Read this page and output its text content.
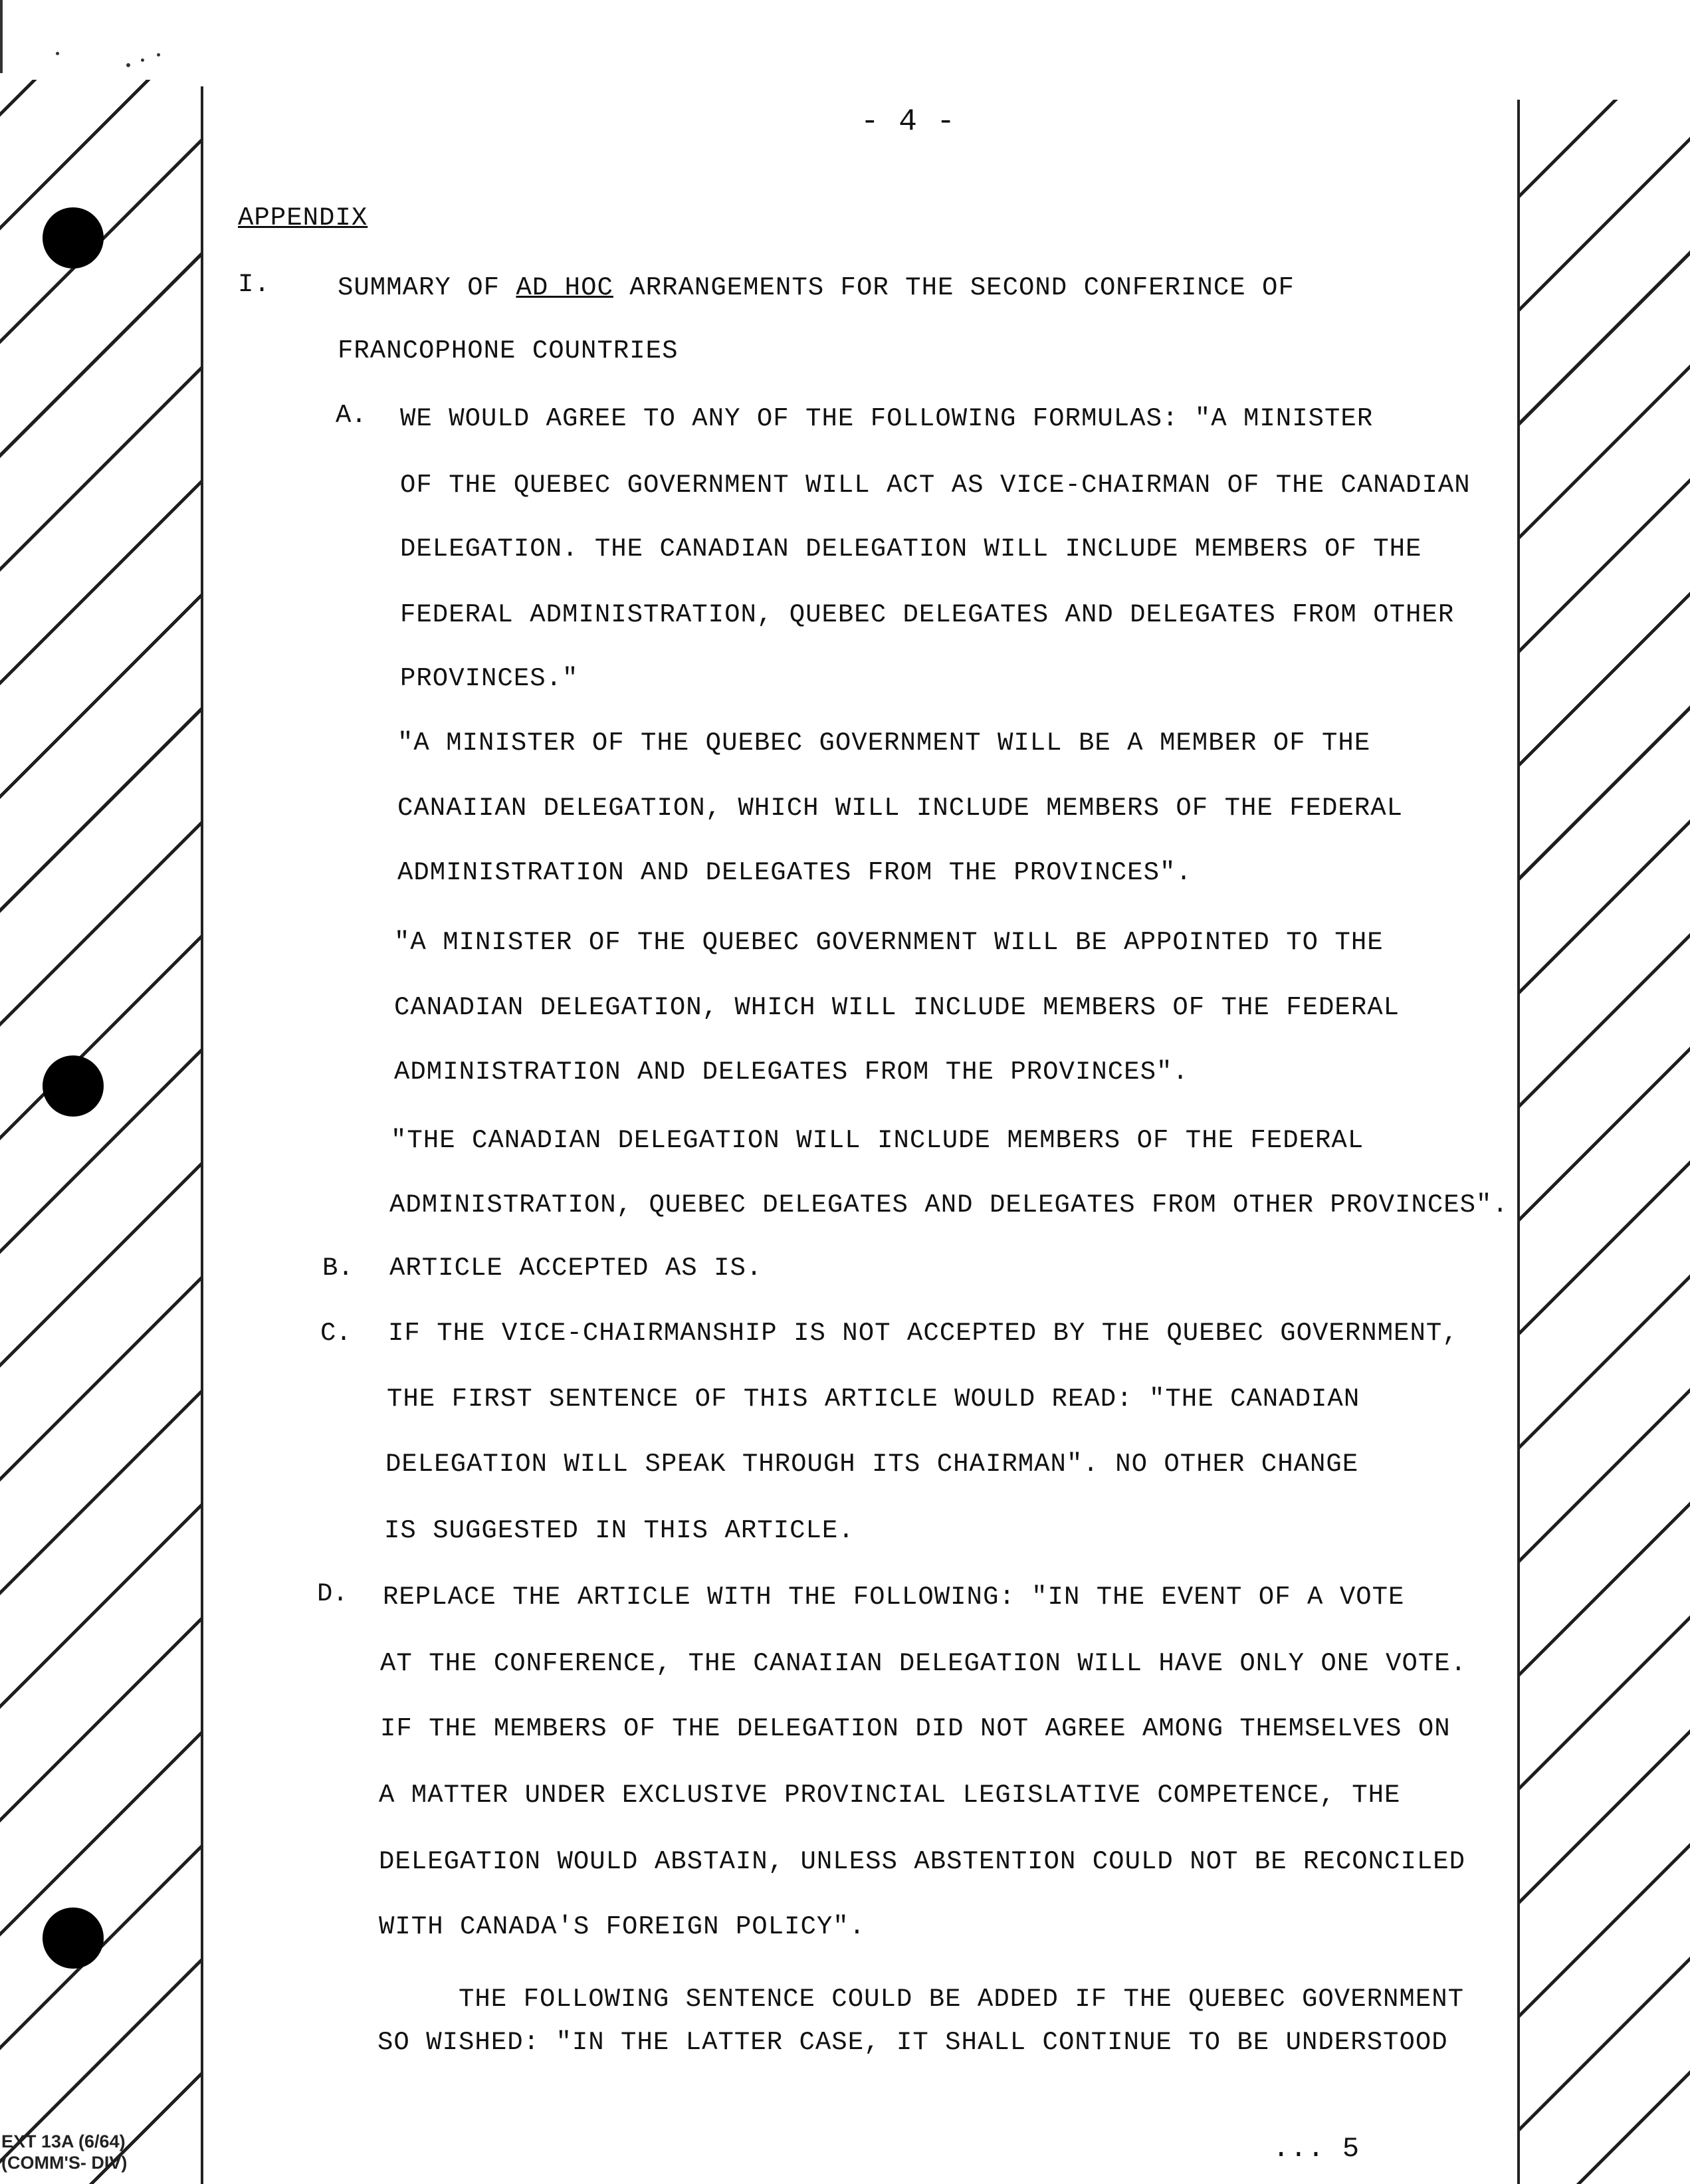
- 4 -
APPENDIX
I.	SUMMARY OF AD HOC ARRANGEMENTS FOR THE SECOND CONFERINCE OF
FRANCOPHONE COUNTRIES
A. WE WOULD AGREE TO ANY OF THE FOLLOWING FORMULAS: "A MINISTER
OF THE QUEBEC GOVERNMENT WILL ACT AS VICE-CHAIRMAN OF THE CANADIAN
DELEGATION. THE CANADIAN DELEGATION WILL INCLUDE MEMBERS OF THE
FEDERAL ADMINISTRATION, QUEBEC DELEGATES AND DELEGATES FROM OTHER
PROVINCES."
"A MINISTER OF THE QUEBEC GOVERNMENT WILL BE A MEMBER OF THE
CANAIIAN DELEGATION, WHICH WILL INCLUDE MEMBERS OF THE FEDERAL
ADMINISTRATION AND DELEGATES FROM THE PROVINCES".
"A MINISTER OF THE QUEBEC GOVERNMENT WILL BE APPOINTED TO THE
CANADIAN DELEGATION, WHICH WILL INCLUDE MEMBERS OF THE FEDERAL
ADMINISTRATION AND DELEGATES FROM THE PROVINCES".
"THE CANADIAN DELEGATION WILL INCLUDE MEMBERS OF THE FEDERAL
ADMINISTRATION, QUEBEC DELEGATES AND DELEGATES FROM OTHER PROVINCES".
B. ARTICLE ACCEPTED AS IS.
C. IF THE VICE-CHAIRMANSHIP IS NOT ACCEPTED BY THE QUEBEC GOVERNMENT,
THE FIRST SENTENCE OF THIS ARTICLE WOULD READ: "THE CANADIAN
DELEGATION WILL SPEAK THROUGH ITS CHAIRMAN". NO OTHER CHANGE
IS SUGGESTED IN THIS ARTICLE.
D. REPLACE THE ARTICLE WITH THE FOLLOWING: "IN THE EVENT OF A VOTE
AT THE CONFERENCE, THE CANAIIAN DELEGATION WILL HAVE ONLY ONE VOTE.
IF THE MEMBERS OF THE DELEGATION DID NOT AGREE AMONG THEMSELVES ON
A MATTER UNDER EXCLUSIVE PROVINCIAL LEGISLATIVE COMPETENCE, THE
DELEGATION WOULD ABSTAIN, UNLESS ABSTENTION COULD NOT BE RECONCILED
WITH CANADA'S FOREIGN POLICY".
THE FOLLOWING SENTENCE COULD BE ADDED IF THE QUEBEC GOVERNMENT
SO WISHED: "IN THE LATTER CASE, IT SHALL CONTINUE TO BE UNDERSTOOD
... 5
EXT 13A (6/64)
(COMM'S- DIV)
